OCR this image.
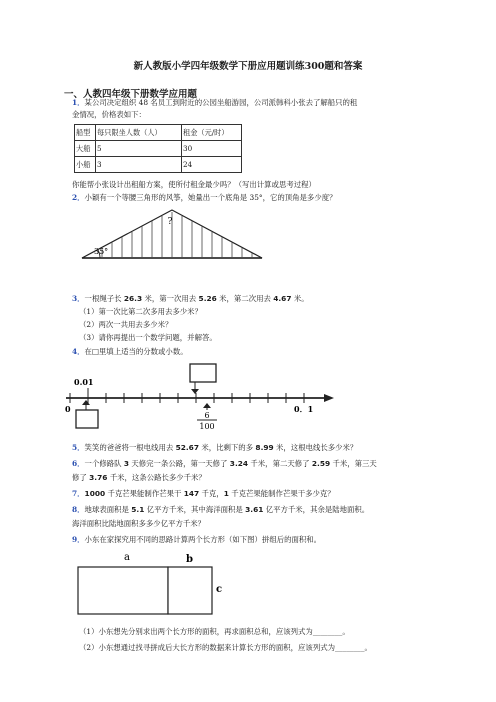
新人教版小学四年级数学下册应用题训练300题和答案
一、人教四年级下册数学应用题
1．某公司决定组织 48 名员工到附近的公园坐船游园，公司派韩科小张去了解船只的租
金情况，价格表如下：
船型	每只限坐人数（人）	租金（元/时）
大船	5	30
小船	3	24
你能帮小张设计出租船方案，使所付租金最少吗？（写出计算或思考过程）
2．小颖有一个等腰三角形的风筝，她量出一个底角是 35°，它的顶角是多少度？
?
35°
3．一根绳子长 26.3 米，第一次用去 5.26 米，第二次用去 4.67 米。
（1）第一次比第二次多用去多少米？
（2）两次一共用去多少米？
（3）请你再提出一个数学问题，并解答。
4．在□里填上适当的分数或小数。
0
0.01
6
100
0．1
5．笑笑的爸爸将一根电线用去 52.67 米，比剩下的多 8.99 米，这根电线长多少米？
6．一个修路队 3 天修完一条公路，第一天修了 3.24 千米，第二天修了 2.59 千米，第三天
修了 3.76 千米，这条公路长多少千米？
7．1000 千克芒果能制作芒果干 147 千克，1 千克芒果能制作芒果干多少克？
8．地球表面积是 5.1 亿平方千米，其中海洋面积是 3.61 亿平方千米，其余是陆地面积。
海洋面积比陆地面积多多少亿平方千米？
9．小东在家探究用不同的思路计算两个长方形（如下图）拼组后的面积和。
a	b
c
（1）小东想先分别求出两个长方形的面积，再求面积总和，应该列式为________。
（2）小东想通过找寻拼成后大长方形的数据来计算长方形的面积，应该列式为________。
